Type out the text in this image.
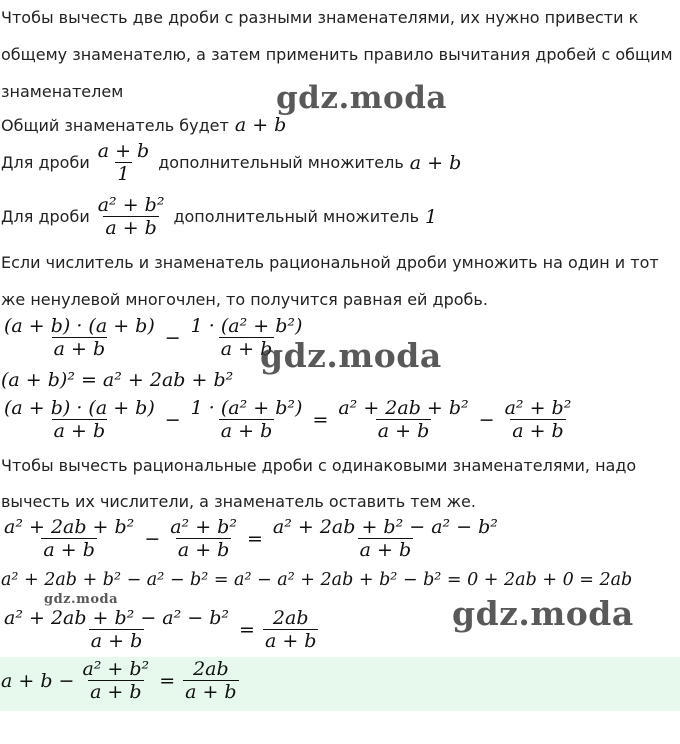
Чтобы вычесть две дроби с разными знаменателями, их нужно привести к
общему знаменателю, а затем применить правило вычитания дробей с общим
знаменателем
Общий знаменатель будет a + b
Для дроби $\frac{a + b}{1}$ дополнительный множитель a + b
Для дроби $\frac{\text{a² + b²}}{a + b}$ дополнительный множитель 1
Если числитель и знаменатель рациональной дроби умножить на один и тот
же ненулевой многочлен, то получится равная ей дробь.
$\frac{(a + b) \cdot (a + b)}{a + b} - \frac{\text{1 · (a² + b²)}}{a + b}$
(a + b)² = a² + 2ab + b²
$\frac{(a + b) \cdot (a + b)}{a + b} - \frac{\text{1 · (a² + b²)}}{a + b} = \frac{\text{a² + 2ab + b²}}{a + b} - \frac{\text{a² + b²}}{a + b}$
Чтобы вычесть рациональные дроби с одинаковыми знаменателями, надо
вычесть их числители, а знаменатель оставить тем же.
$\frac{\text{a² + 2ab + b²}}{a + b} - \frac{\text{a² + b²}}{a + b} = \frac{\text{a² + 2ab + b² − a² − b²}}{a + b}$
a² + 2ab + b² − a² − b² = a² − a² + 2ab + b² − b² = 0 + 2ab + 0 = 2ab
$\frac{\text{a² + 2ab + b² − a² − b²}}{a + b} = \frac{2ab}{a + b}$
$a + b - \frac{\text{a² + b²}}{a + b} = \frac{2ab}{a + b}$
gdz.moda
gdz.moda
gdz.moda
gdz.moda
